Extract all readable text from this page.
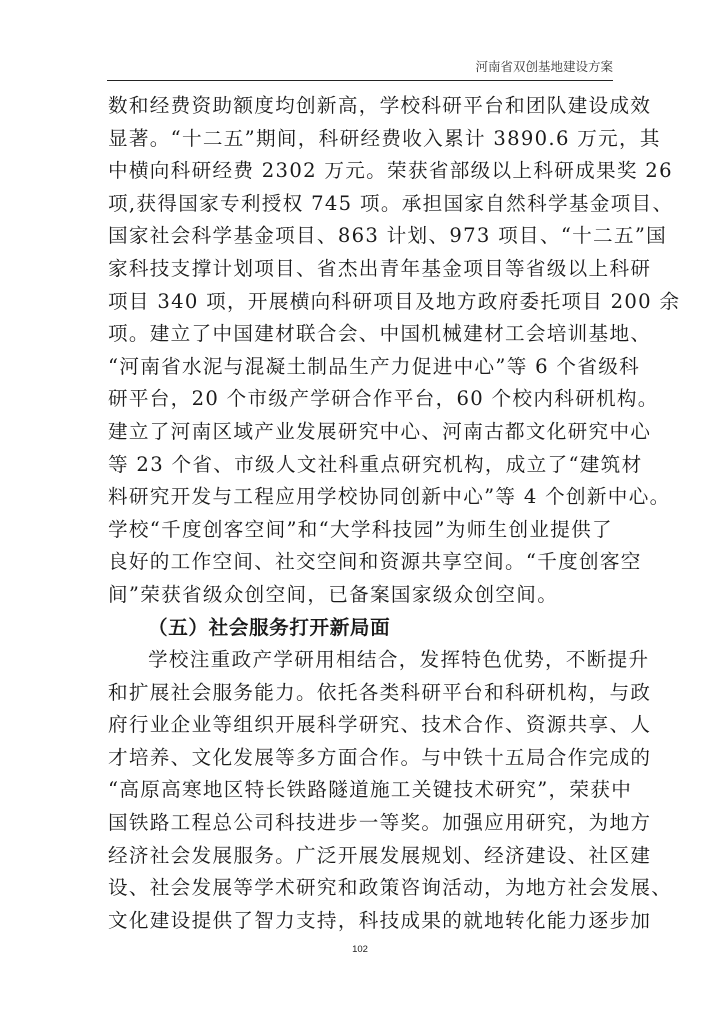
河南省双创基地建设方案
数和经费资助额度均创新高，学校科研平台和团队建设成效
显著。“十二五”期间，科研经费收入累计 3890.6 万元，其
中横向科研经费 2302 万元。荣获省部级以上科研成果奖 26
项,获得国家专利授权 745 项。承担国家自然科学基金项目、
国家社会科学基金项目、863 计划、973 项目、“十二五”国
家科技支撑计划项目、省杰出青年基金项目等省级以上科研
项目 340 项，开展横向科研项目及地方政府委托项目 200 余
项。建立了中国建材联合会、中国机械建材工会培训基地、
“河南省水泥与混凝土制品生产力促进中心”等 6 个省级科
研平台，20 个市级产学研合作平台，60 个校内科研机构。
建立了河南区域产业发展研究中心、河南古都文化研究中心
等 23 个省、市级人文社科重点研究机构，成立了“建筑材
料研究开发与工程应用学校协同创新中心”等 4 个创新中心。
学校“千度创客空间”和“大学科技园”为师生创业提供了
良好的工作空间、社交空间和资源共享空间。“千度创客空
间”荣获省级众创空间，已备案国家级众创空间。
（五）社会服务打开新局面
学校注重政产学研用相结合，发挥特色优势，不断提升
和扩展社会服务能力。依托各类科研平台和科研机构，与政
府行业企业等组织开展科学研究、技术合作、资源共享、人
才培养、文化发展等多方面合作。与中铁十五局合作完成的
“高原高寒地区特长铁路隧道施工关键技术研究”，荣获中
国铁路工程总公司科技进步一等奖。加强应用研究，为地方
经济社会发展服务。广泛开展发展规划、经济建设、社区建
设、社会发展等学术研究和政策咨询活动，为地方社会发展、
文化建设提供了智力支持，科技成果的就地转化能力逐步加
102
